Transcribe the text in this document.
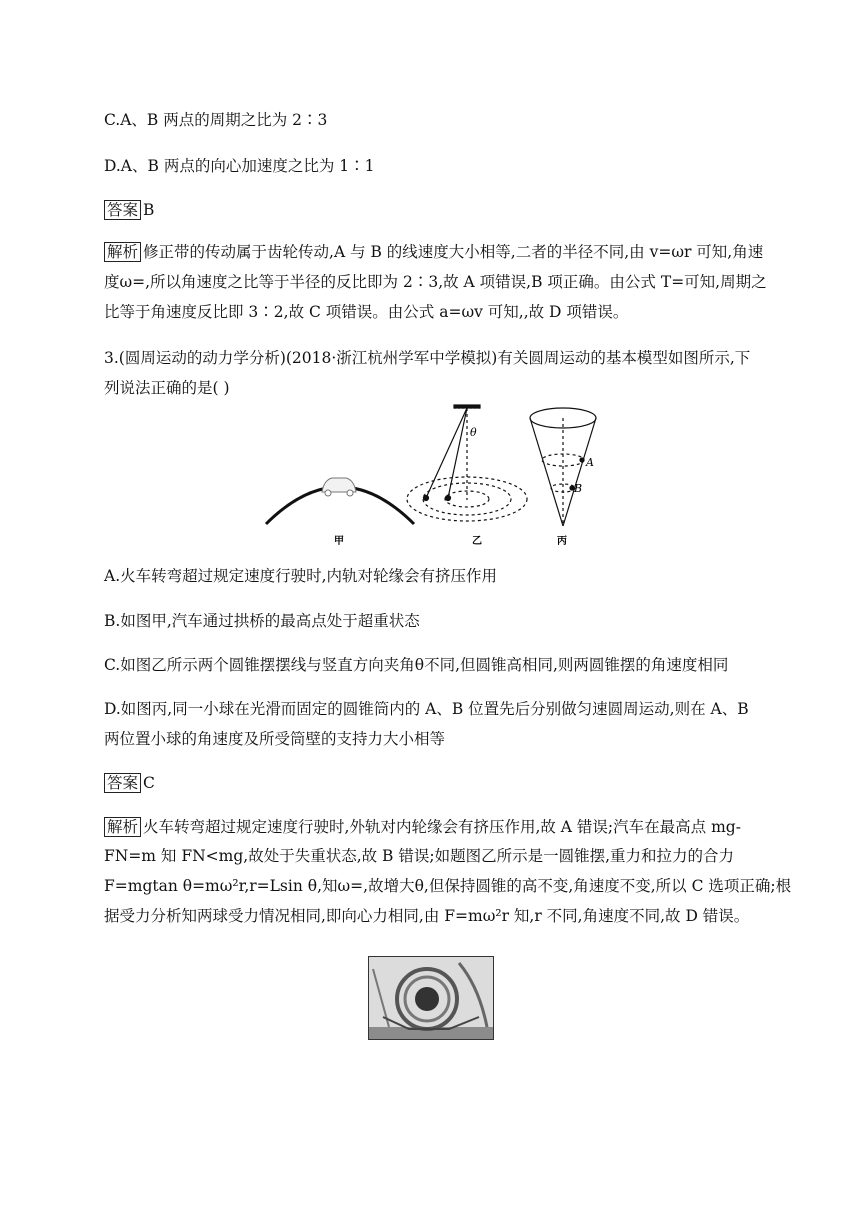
C.A、B 两点的周期之比为 2∶3
D.A、B 两点的向心加速度之比为 1∶1
答案 B
解析 修正带的传动属于齿轮传动,A 与 B 的线速度大小相等,二者的半径不同,由 v=ωr 可知,角速
度ω=,所以角速度之比等于半径的反比即为 2∶3,故 A 项错误,B 项正确。由公式 T=可知,周期之
比等于角速度反比即 3∶2,故 C 项错误。由公式 a=ωv 可知,,故 D 项错误。
3.(圆周运动的动力学分析)(2018·浙江杭州学军中学模拟)有关圆周运动的基本模型如图所示,下
列说法正确的是( )
θ
A
B
甲	乙	丙
A.火车转弯超过规定速度行驶时,内轨对轮缘会有挤压作用
B.如图甲,汽车通过拱桥的最高点处于超重状态
C.如图乙所示两个圆锥摆摆线与竖直方向夹角θ不同,但圆锥高相同,则两圆锥摆的角速度相同
D.如图丙,同一小球在光滑而固定的圆锥筒内的 A、B 位置先后分别做匀速圆周运动,则在 A、B
两位置小球的角速度及所受筒壁的支持力大小相等
答案 C
解析 火车转弯超过规定速度行驶时,外轨对内轮缘会有挤压作用,故 A 错误;汽车在最高点 mg-
FN=m 知 FN<mg,故处于失重状态,故 B 错误;如题图乙所示是一圆锥摆,重力和拉力的合力
F=mgtan θ=mω²r,r=Lsin θ,知ω=,故增大θ,但保持圆锥的高不变,角速度不变,所以 C 选项正确;根
据受力分析知两球受力情况相同,即向心力相同,由 F=mω²r 知,r 不同,角速度不同,故 D 错误。
